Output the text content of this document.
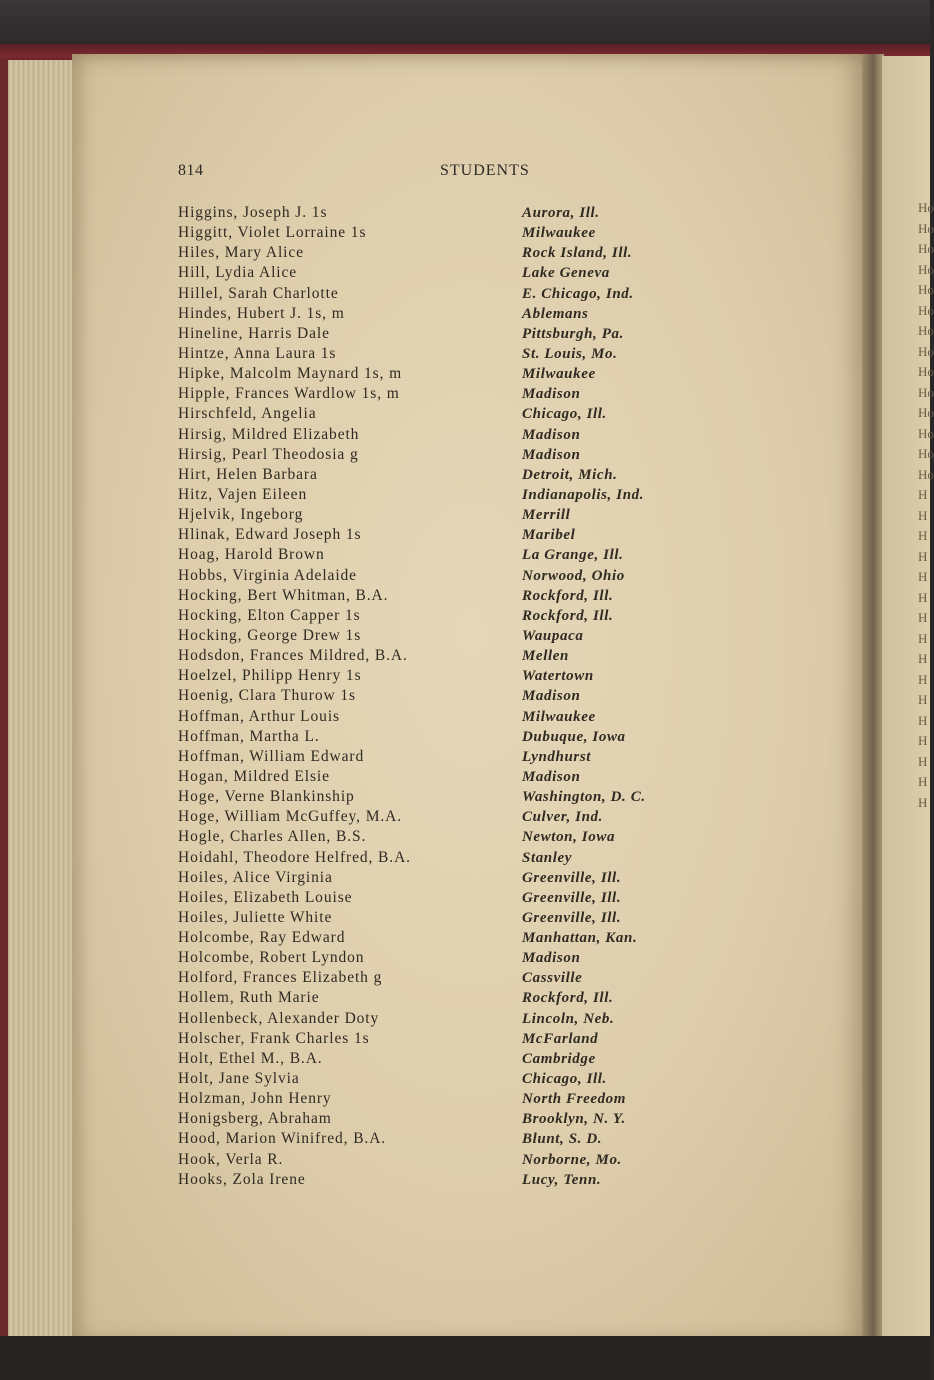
Ho
Ho
Ho
Ho
Ho
Ho
Ho
Ho
Ho
Ho
Ho
Ho
Ho
Ho
H
H
H
H
H
H
H
H
H
H
H
H
H
H
H
H
814	STUDENTS
Higgins, Joseph J. 1s	Aurora, Ill.
Higgitt, Violet Lorraine 1s	Milwaukee
Hiles, Mary Alice	Rock Island, Ill.
Hill, Lydia Alice	Lake Geneva
Hillel, Sarah Charlotte	E. Chicago, Ind.
Hindes, Hubert J. 1s, m	Ablemans
Hineline, Harris Dale	Pittsburgh, Pa.
Hintze, Anna Laura 1s	St. Louis, Mo.
Hipke, Malcolm Maynard 1s, m	Milwaukee
Hipple, Frances Wardlow 1s, m	Madison
Hirschfeld, Angelia	Chicago, Ill.
Hirsig, Mildred Elizabeth	Madison
Hirsig, Pearl Theodosia g	Madison
Hirt, Helen Barbara	Detroit, Mich.
Hitz, Vajen Eileen	Indianapolis, Ind.
Hjelvik, Ingeborg	Merrill
Hlinak, Edward Joseph 1s	Maribel
Hoag, Harold Brown	La Grange, Ill.
Hobbs, Virginia Adelaide	Norwood, Ohio
Hocking, Bert Whitman, B.A.	Rockford, Ill.
Hocking, Elton Capper 1s	Rockford, Ill.
Hocking, George Drew 1s	Waupaca
Hodsdon, Frances Mildred, B.A.	Mellen
Hoelzel, Philipp Henry 1s	Watertown
Hoenig, Clara Thurow 1s	Madison
Hoffman, Arthur Louis	Milwaukee
Hoffman, Martha L.	Dubuque, Iowa
Hoffman, William Edward	Lyndhurst
Hogan, Mildred Elsie	Madison
Hoge, Verne Blankinship	Washington, D. C.
Hoge, William McGuffey, M.A.	Culver, Ind.
Hogle, Charles Allen, B.S.	Newton, Iowa
Hoidahl, Theodore Helfred, B.A.	Stanley
Hoiles, Alice Virginia	Greenville, Ill.
Hoiles, Elizabeth Louise	Greenville, Ill.
Hoiles, Juliette White	Greenville, Ill.
Holcombe, Ray Edward	Manhattan, Kan.
Holcombe, Robert Lyndon	Madison
Holford, Frances Elizabeth g	Cassville
Hollem, Ruth Marie	Rockford, Ill.
Hollenbeck, Alexander Doty	Lincoln, Neb.
Holscher, Frank Charles 1s	McFarland
Holt, Ethel M., B.A.	Cambridge
Holt, Jane Sylvia	Chicago, Ill.
Holzman, John Henry	North Freedom
Honigsberg, Abraham	Brooklyn, N. Y.
Hood, Marion Winifred, B.A.	Blunt, S. D.
Hook, Verla R.	Norborne, Mo.
Hooks, Zola Irene	Lucy, Tenn.
